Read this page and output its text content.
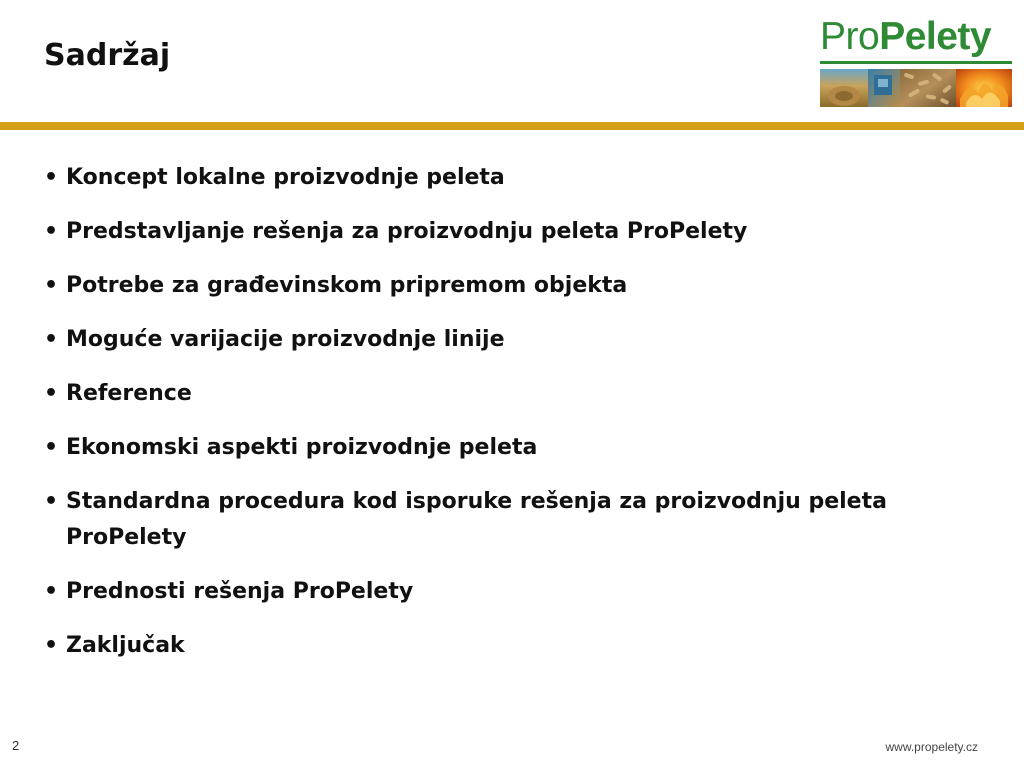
Sadržaj	ProPelety
• Koncept lokalne proizvodnje peleta
• Predstavljanje rešenja za proizvodnju peleta ProPelety
• Potrebe za građevinskom pripremom objekta
• Moguće varijacije proizvodnje linije
• Reference
• Ekonomski aspekti proizvodnje peleta
• Standardna procedura kod isporuke rešenja za proizvodnju peleta ProPelety
• Prednosti rešenja ProPelety
• Zaključak
2	www.propelety.cz
